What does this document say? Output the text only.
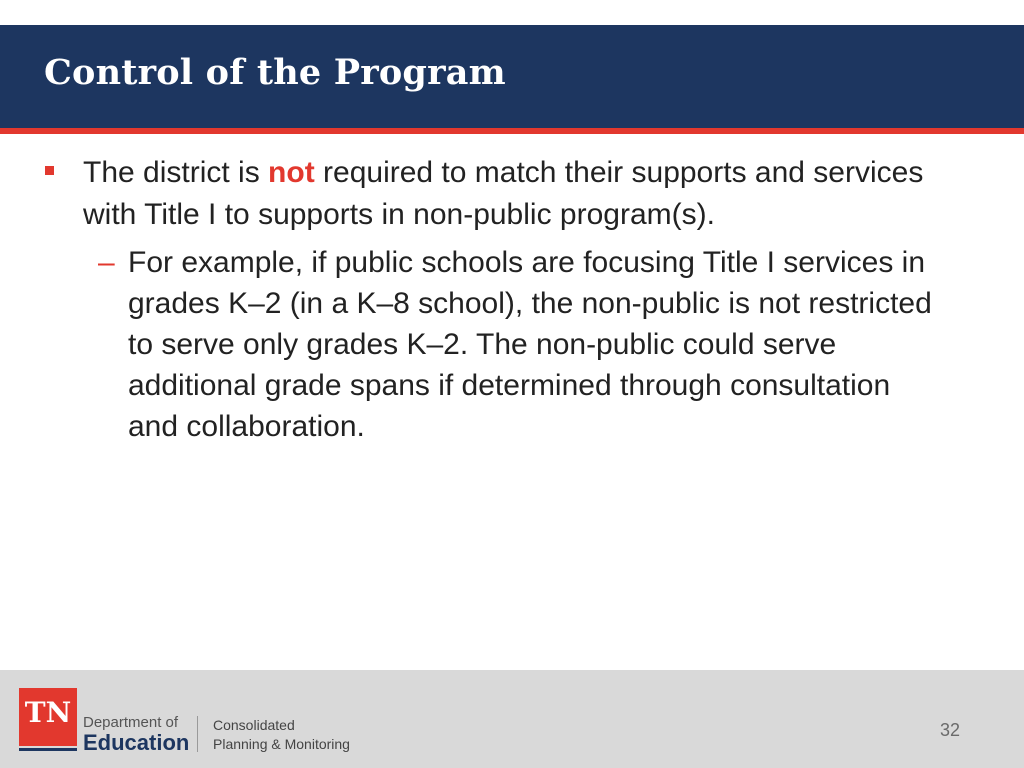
Control of the Program
The district is not required to match their supports and services with Title I to supports in non-public program(s).
– For example, if public schools are focusing Title I services in grades K–2 (in a K–8 school), the non-public is not restricted to serve only grades K–2. The non-public could serve additional grade spans if determined through consultation and collaboration.
TN Department of
Education
Consolidated
Planning & Monitoring
32
